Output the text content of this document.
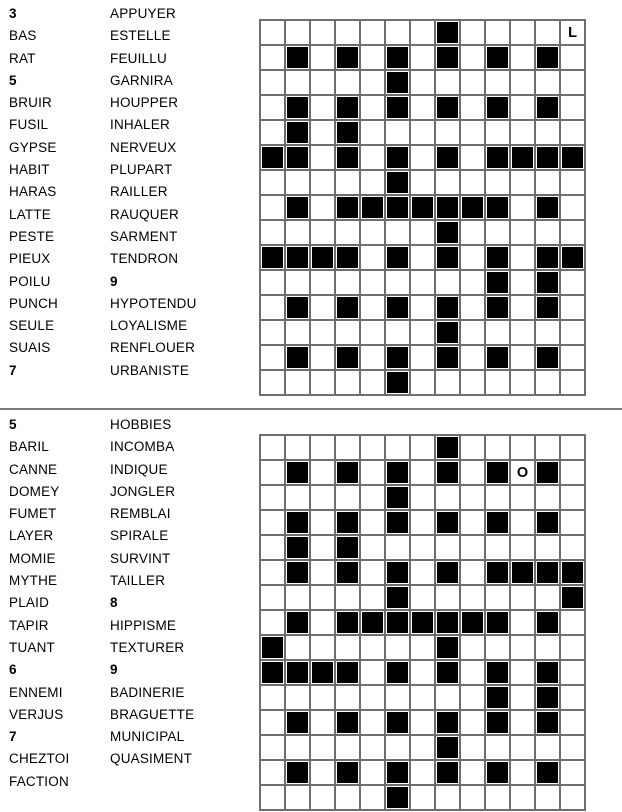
3
BAS
RAT
5
BRUIR
FUSIL
GYPSE
HABIT
HARAS
LATTE
PESTE
PIEUX
POILU
PUNCH
SEULE
SUAIS
7
APPUYER
ESTELLE
FEUILLU
GARNIRA
HOUPPER
INHALER
NERVEUX
PLUPART
RAILLER
RAUQUER
SARMENT
TENDRON
9
HYPOTENDU
LOYALISME
RENFLOUER
URBANISTE
L
5
BARIL
CANNE
DOMEY
FUMET
LAYER
MOMIE
MYTHE
PLAID
TAPIR
TUANT
6
ENNEMI
VERJUS
7
CHEZTOI
FACTION
HOBBIES
INCOMBA
INDIQUE
JONGLER
REMBLAI
SPIRALE
SURVINT
TAILLER
8
HIPPISME
TEXTURER
9
BADINERIE
BRAGUETTE
MUNICIPAL
QUASIMENT
O
